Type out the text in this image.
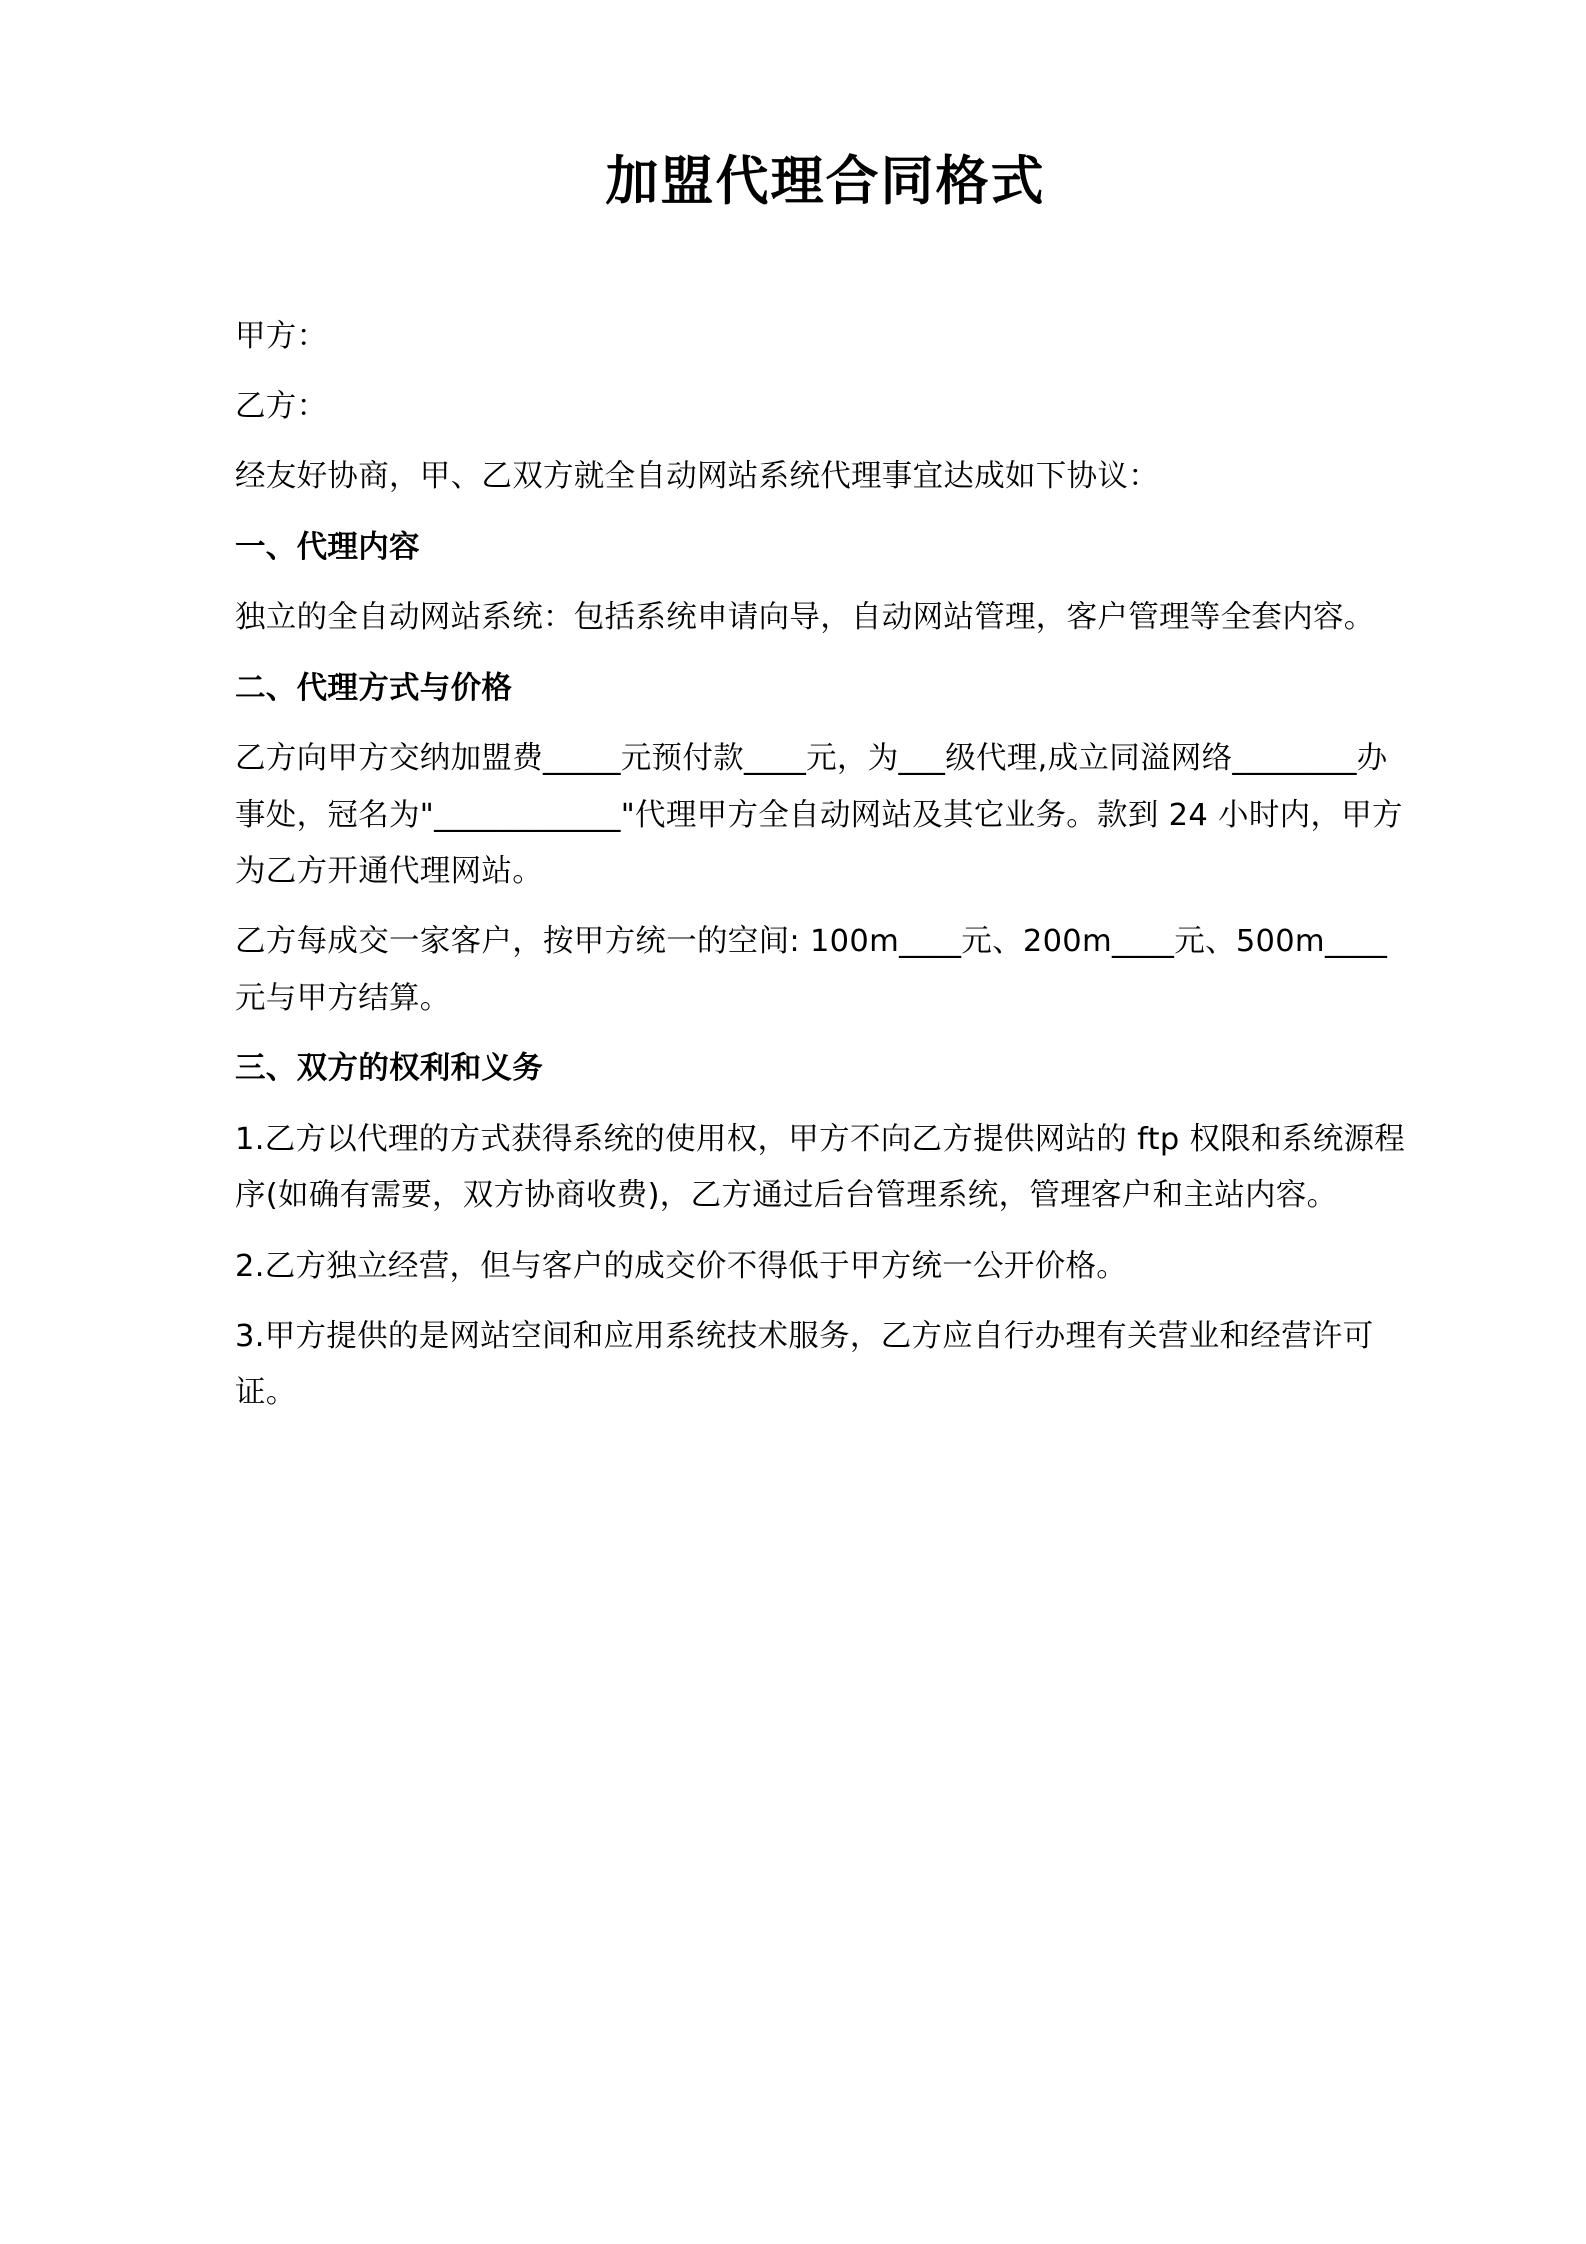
加盟代理合同格式

甲方：

乙方：

经友好协商，甲、乙双方就全自动网站系统代理事宜达成如下协议：

一、代理内容

独立的全自动网站系统：包括系统申请向导，自动网站管理，客户管理等全套内容。

二、代理方式与价格

乙方向甲方交纳加盟费_____元预付款____元，为___级代理,成立同溢网络________办事处，冠名为"____________"代理甲方全自动网站及其它业务。款到 24 小时内，甲方为乙方开通代理网站。

乙方每成交一家客户，按甲方统一的空间: 100m____元、200m____元、500m____元与甲方结算。

三、双方的权利和义务

1.乙方以代理的方式获得系统的使用权，甲方不向乙方提供网站的 ftp 权限和系统源程序(如确有需要，双方协商收费)，乙方通过后台管理系统，管理客户和主站内容。

2.乙方独立经营，但与客户的成交价不得低于甲方统一公开价格。

3.甲方提供的是网站空间和应用系统技术服务，乙方应自行办理有关营业和经营许可证。
